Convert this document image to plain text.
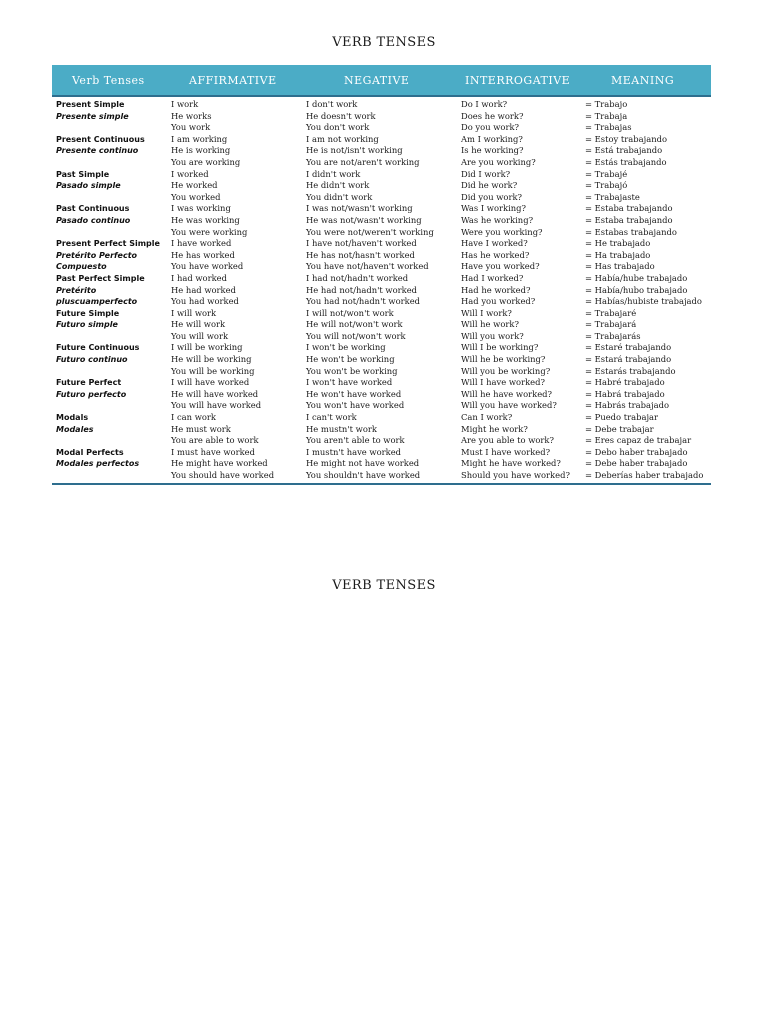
VERB TENSES
Verb Tenses	AFFIRMATIVE	NEGATIVE	INTERROGATIVE	MEANING
Present Simple	I work	I don't work	Do I work?	= Trabajo
Presente simple	He works	He doesn't work	Does he work?	= Trabaja
	You work	You don't work	Do you work?	= Trabajas
Present Continuous	I am working	I am not working	Am I working?	= Estoy trabajando
Presente continuo	He is working	He is not/isn't working	Is he working?	= Está trabajando
	You are working	You are not/aren't working	Are you working?	= Estás trabajando
Past Simple	I worked	I didn't work	Did I work?	= Trabajé
Pasado simple	He worked	He didn't work	Did he work?	= Trabajó
	You worked	You didn't work	Did you work?	= Trabajaste
Past Continuous	I was working	I was not/wasn't working	Was I working?	= Estaba trabajando
Pasado continuo	He was working	He was not/wasn't working	Was he working?	= Estaba trabajando
	You were working	You were not/weren't working	Were you working?	= Estabas trabajando
Present Perfect Simple	I have worked	I have not/haven't worked	Have I worked?	= He trabajado
Pretérito Perfecto	He has worked	He has not/hasn't worked	Has he worked?	= Ha trabajado
Compuesto	You have worked	You have not/haven't worked	Have you worked?	= Has trabajado
Past Perfect Simple	I had worked	I had not/hadn't worked	Had I worked?	= Había/hube trabajado
Pretérito	He had worked	He had not/hadn't worked	Had he worked?	= Había/hubo trabajado
pluscuamperfecto	You had worked	You had not/hadn't worked	Had you worked?	= Habías/hubiste trabajado
Future Simple	I will work	I will not/won't work	Will I work?	= Trabajaré
Futuro simple	He will work	He will not/won't work	Will he work?	= Trabajará
	You will work	You will not/won't work	Will you work?	= Trabajarás
Future Continuous	I will be working	I won't be working	Will I be working?	= Estaré trabajando
Futuro continuo	He will be working	He won't be working	Will he be working?	= Estará trabajando
	You will be working	You won't be working	Will you be working?	= Estarás trabajando
Future Perfect	I will have worked	I won't have worked	Will I have worked?	= Habré trabajado
Futuro perfecto	He will have worked	He won't have worked	Will he have worked?	= Habrá trabajado
	You will have worked	You won't have worked	Will you have worked?	= Habrás trabajado
Modals	I can work	I can't work	Can I work?	= Puedo trabajar
Modales	He must work	He mustn't work	Might he work?	= Debe trabajar
	You are able to work	You aren't able to work	Are you able to work?	= Eres capaz de trabajar
Modal Perfects	I must have worked	I mustn't have worked	Must I have worked?	= Debo haber trabajado
Modales perfectos	He might have worked	He might not have worked	Might he have worked?	= Debe haber trabajado
	You should have worked	You shouldn't have worked	Should you have worked?	= Deberías haber trabajado
VERB TENSES
